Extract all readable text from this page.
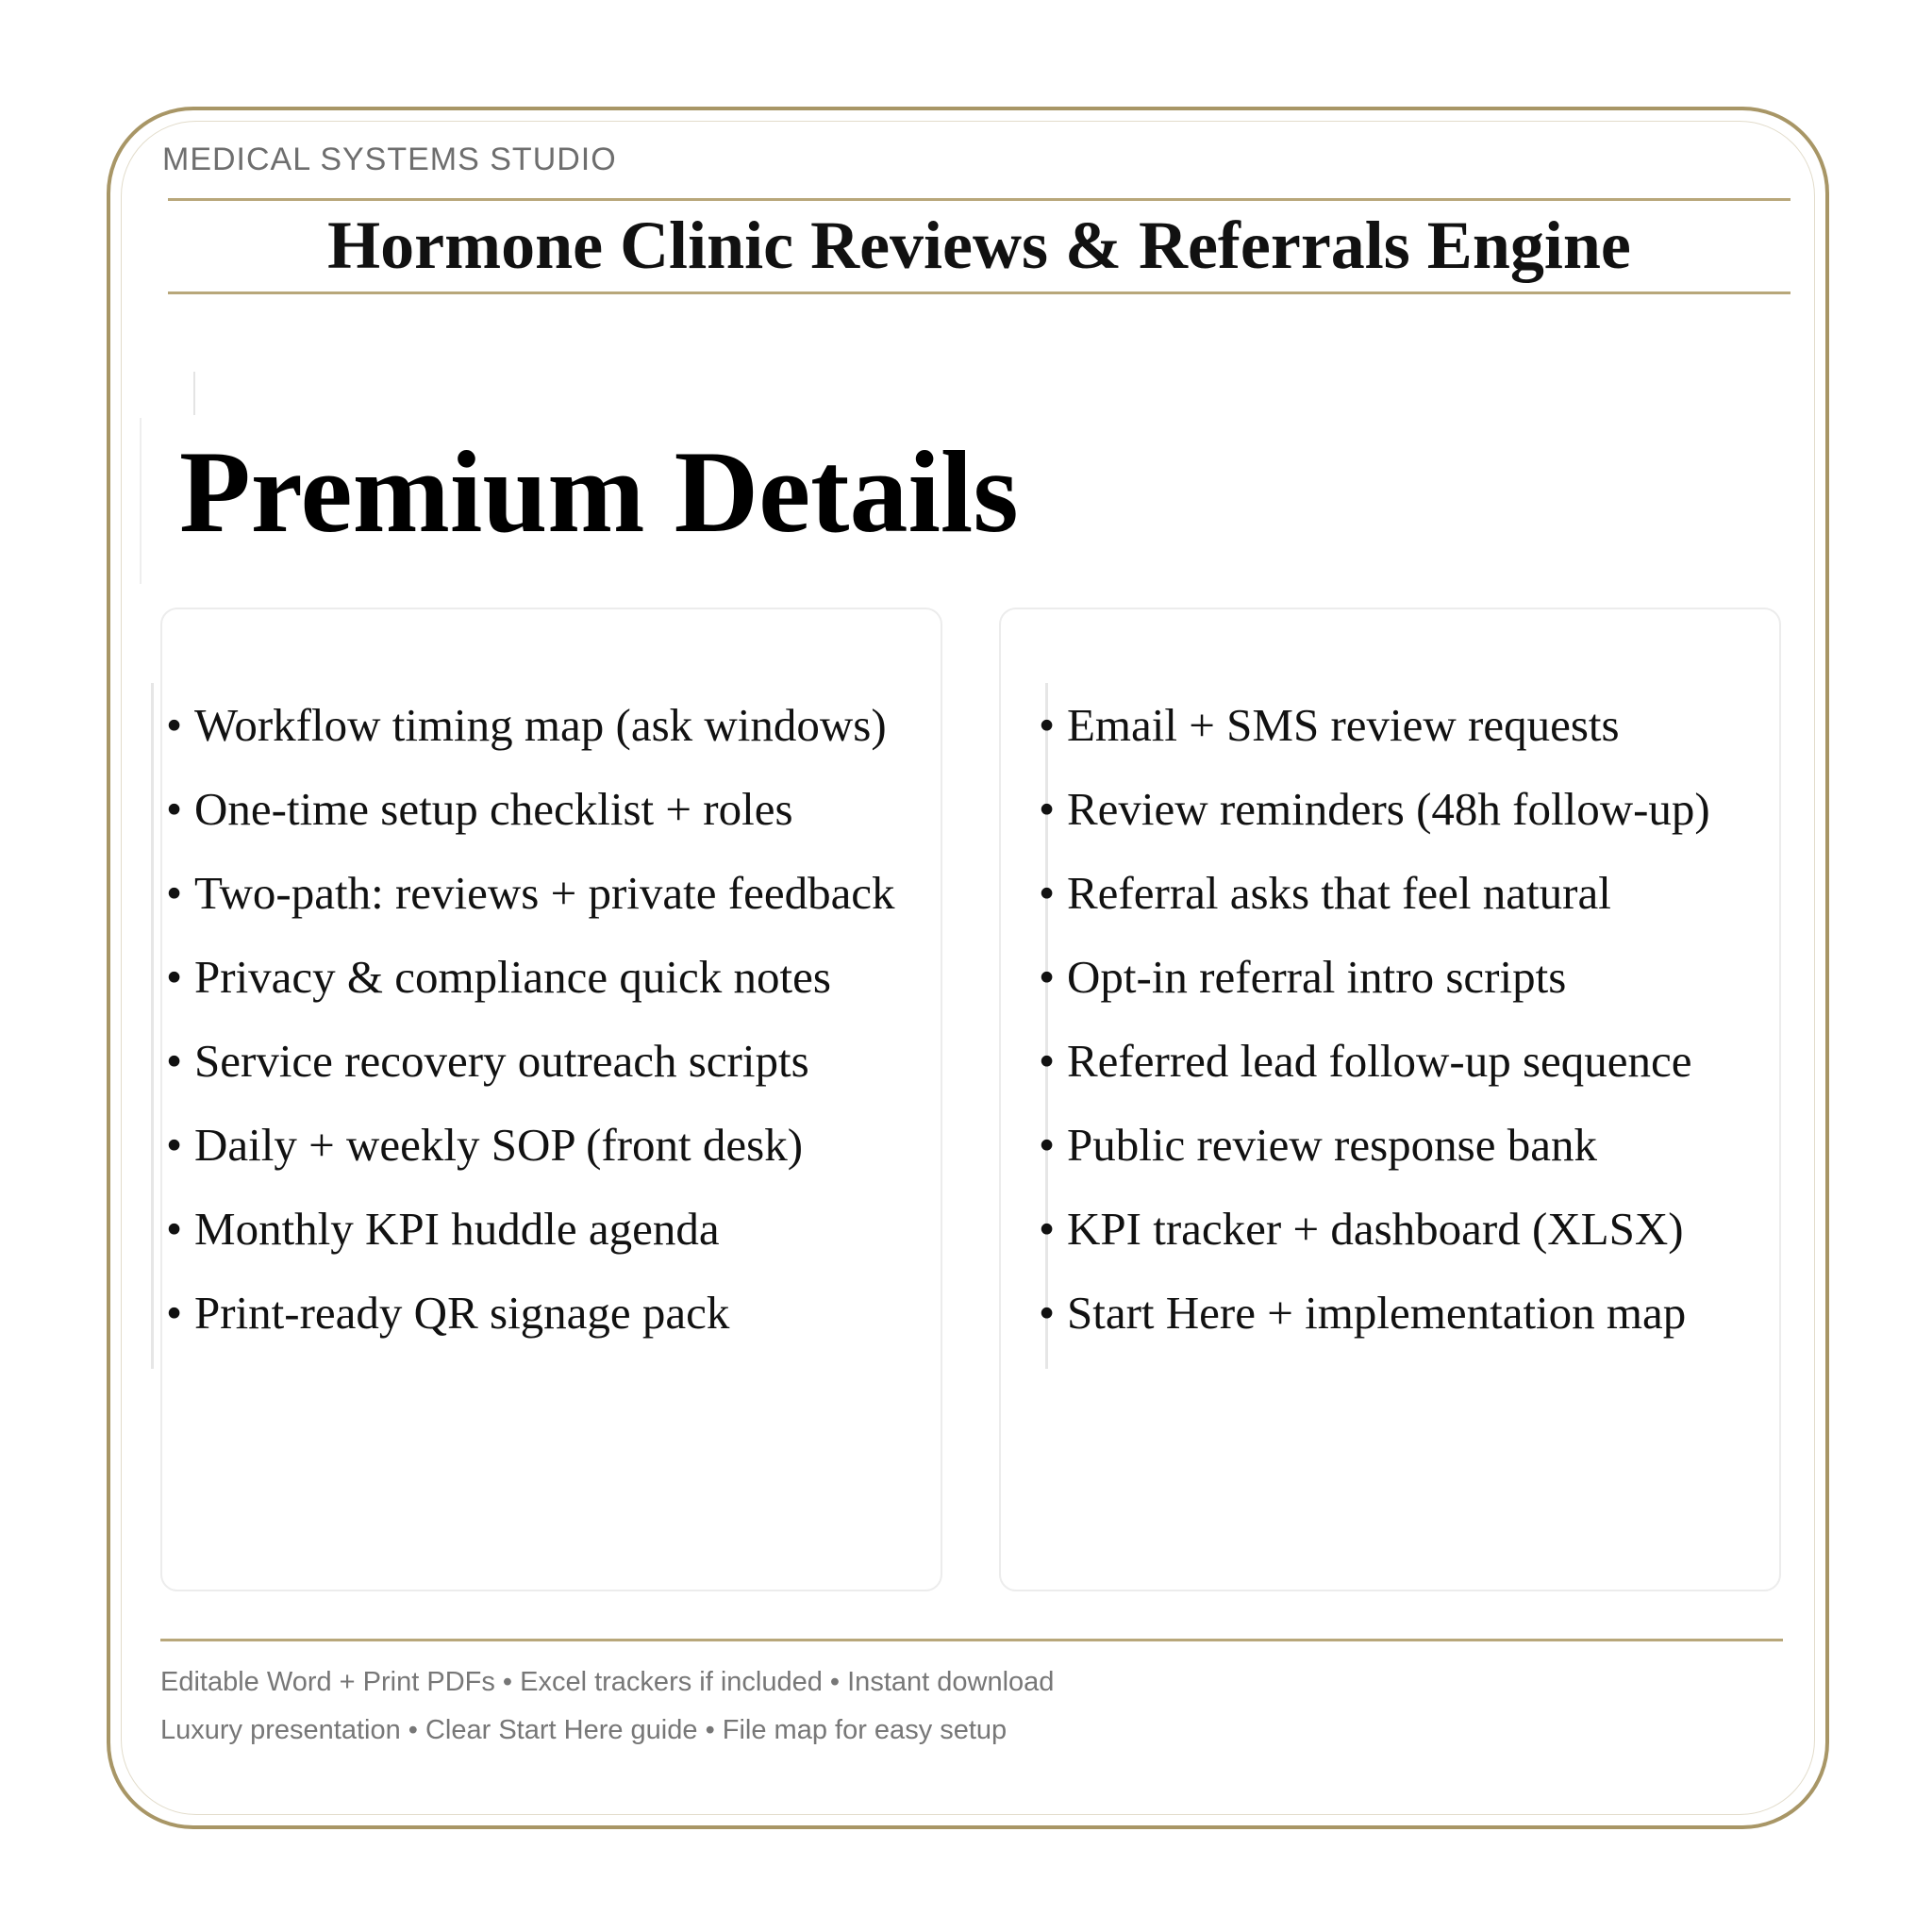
MEDICAL SYSTEMS STUDIO
Hormone Clinic Reviews & Referrals Engine
Premium Details
• Workflow timing map (ask windows)
• One-time setup checklist + roles
• Two-path: reviews + private feedback
• Privacy & compliance quick notes
• Service recovery outreach scripts
• Daily + weekly SOP (front desk)
• Monthly KPI huddle agenda
• Print-ready QR signage pack
• Email + SMS review requests
• Review reminders (48h follow-up)
• Referral asks that feel natural
• Opt-in referral intro scripts
• Referred lead follow-up sequence
• Public review response bank
• KPI tracker + dashboard (XLSX)
• Start Here + implementation map
Editable Word + Print PDFs • Excel trackers if included • Instant download
Luxury presentation • Clear Start Here guide • File map for easy setup
